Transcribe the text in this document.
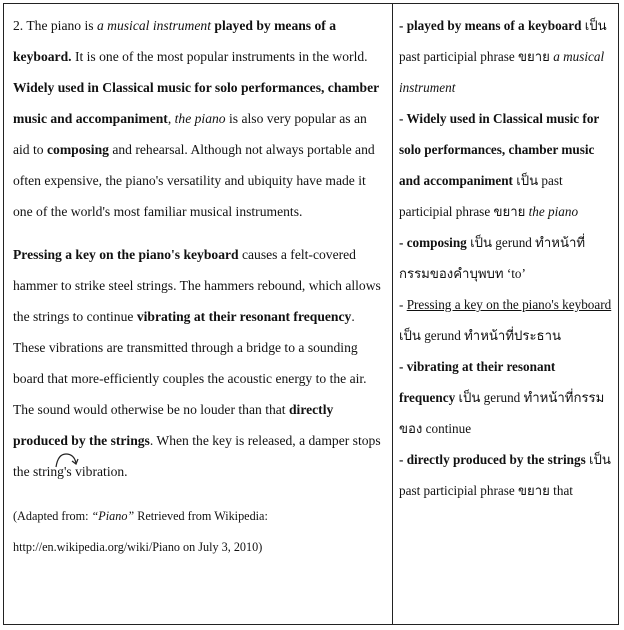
2. The piano is a musical instrument played by means of a keyboard. It is one of the most popular instruments in the world. Widely used in Classical music for solo performances, chamber music and accompaniment, the piano is also very popular as an aid to composing and rehearsal. Although not always portable and often expensive, the piano's versatility and ubiquity have made it one of the world's most familiar musical instruments.

Pressing a key on the piano's keyboard causes a felt-covered hammer to strike steel strings. The hammers rebound, which allows the strings to continue vibrating at their resonant frequency. These vibrations are transmitted through a bridge to a sounding board that more-efficiently couples the acoustic energy to the air. The sound would otherwise be no louder than that directly produced by the strings. When the key is released, a damper stops the string's vibration.

(Adapted from: “Piano” Retrieved from Wikipedia: http://en.wikipedia.org/wiki/Piano on July 3, 2010)

- played by means of a keyboard เป็น past participial phrase ขยาย a musical instrument

- Widely used in Classical music for solo performances, chamber music and accompaniment เป็น past participial phrase ขยาย the piano

- composing เป็น gerund ทำหน้าที่ กรรมของคำบุพบท ‘to’

- Pressing a key on the piano's keyboard เป็น gerund ทำหน้าที่ประธาน

- vibrating at their resonant frequency เป็น gerund ทำหน้าที่กรรมของ continue

- directly produced by the strings เป็น past participial phrase ขยาย that
